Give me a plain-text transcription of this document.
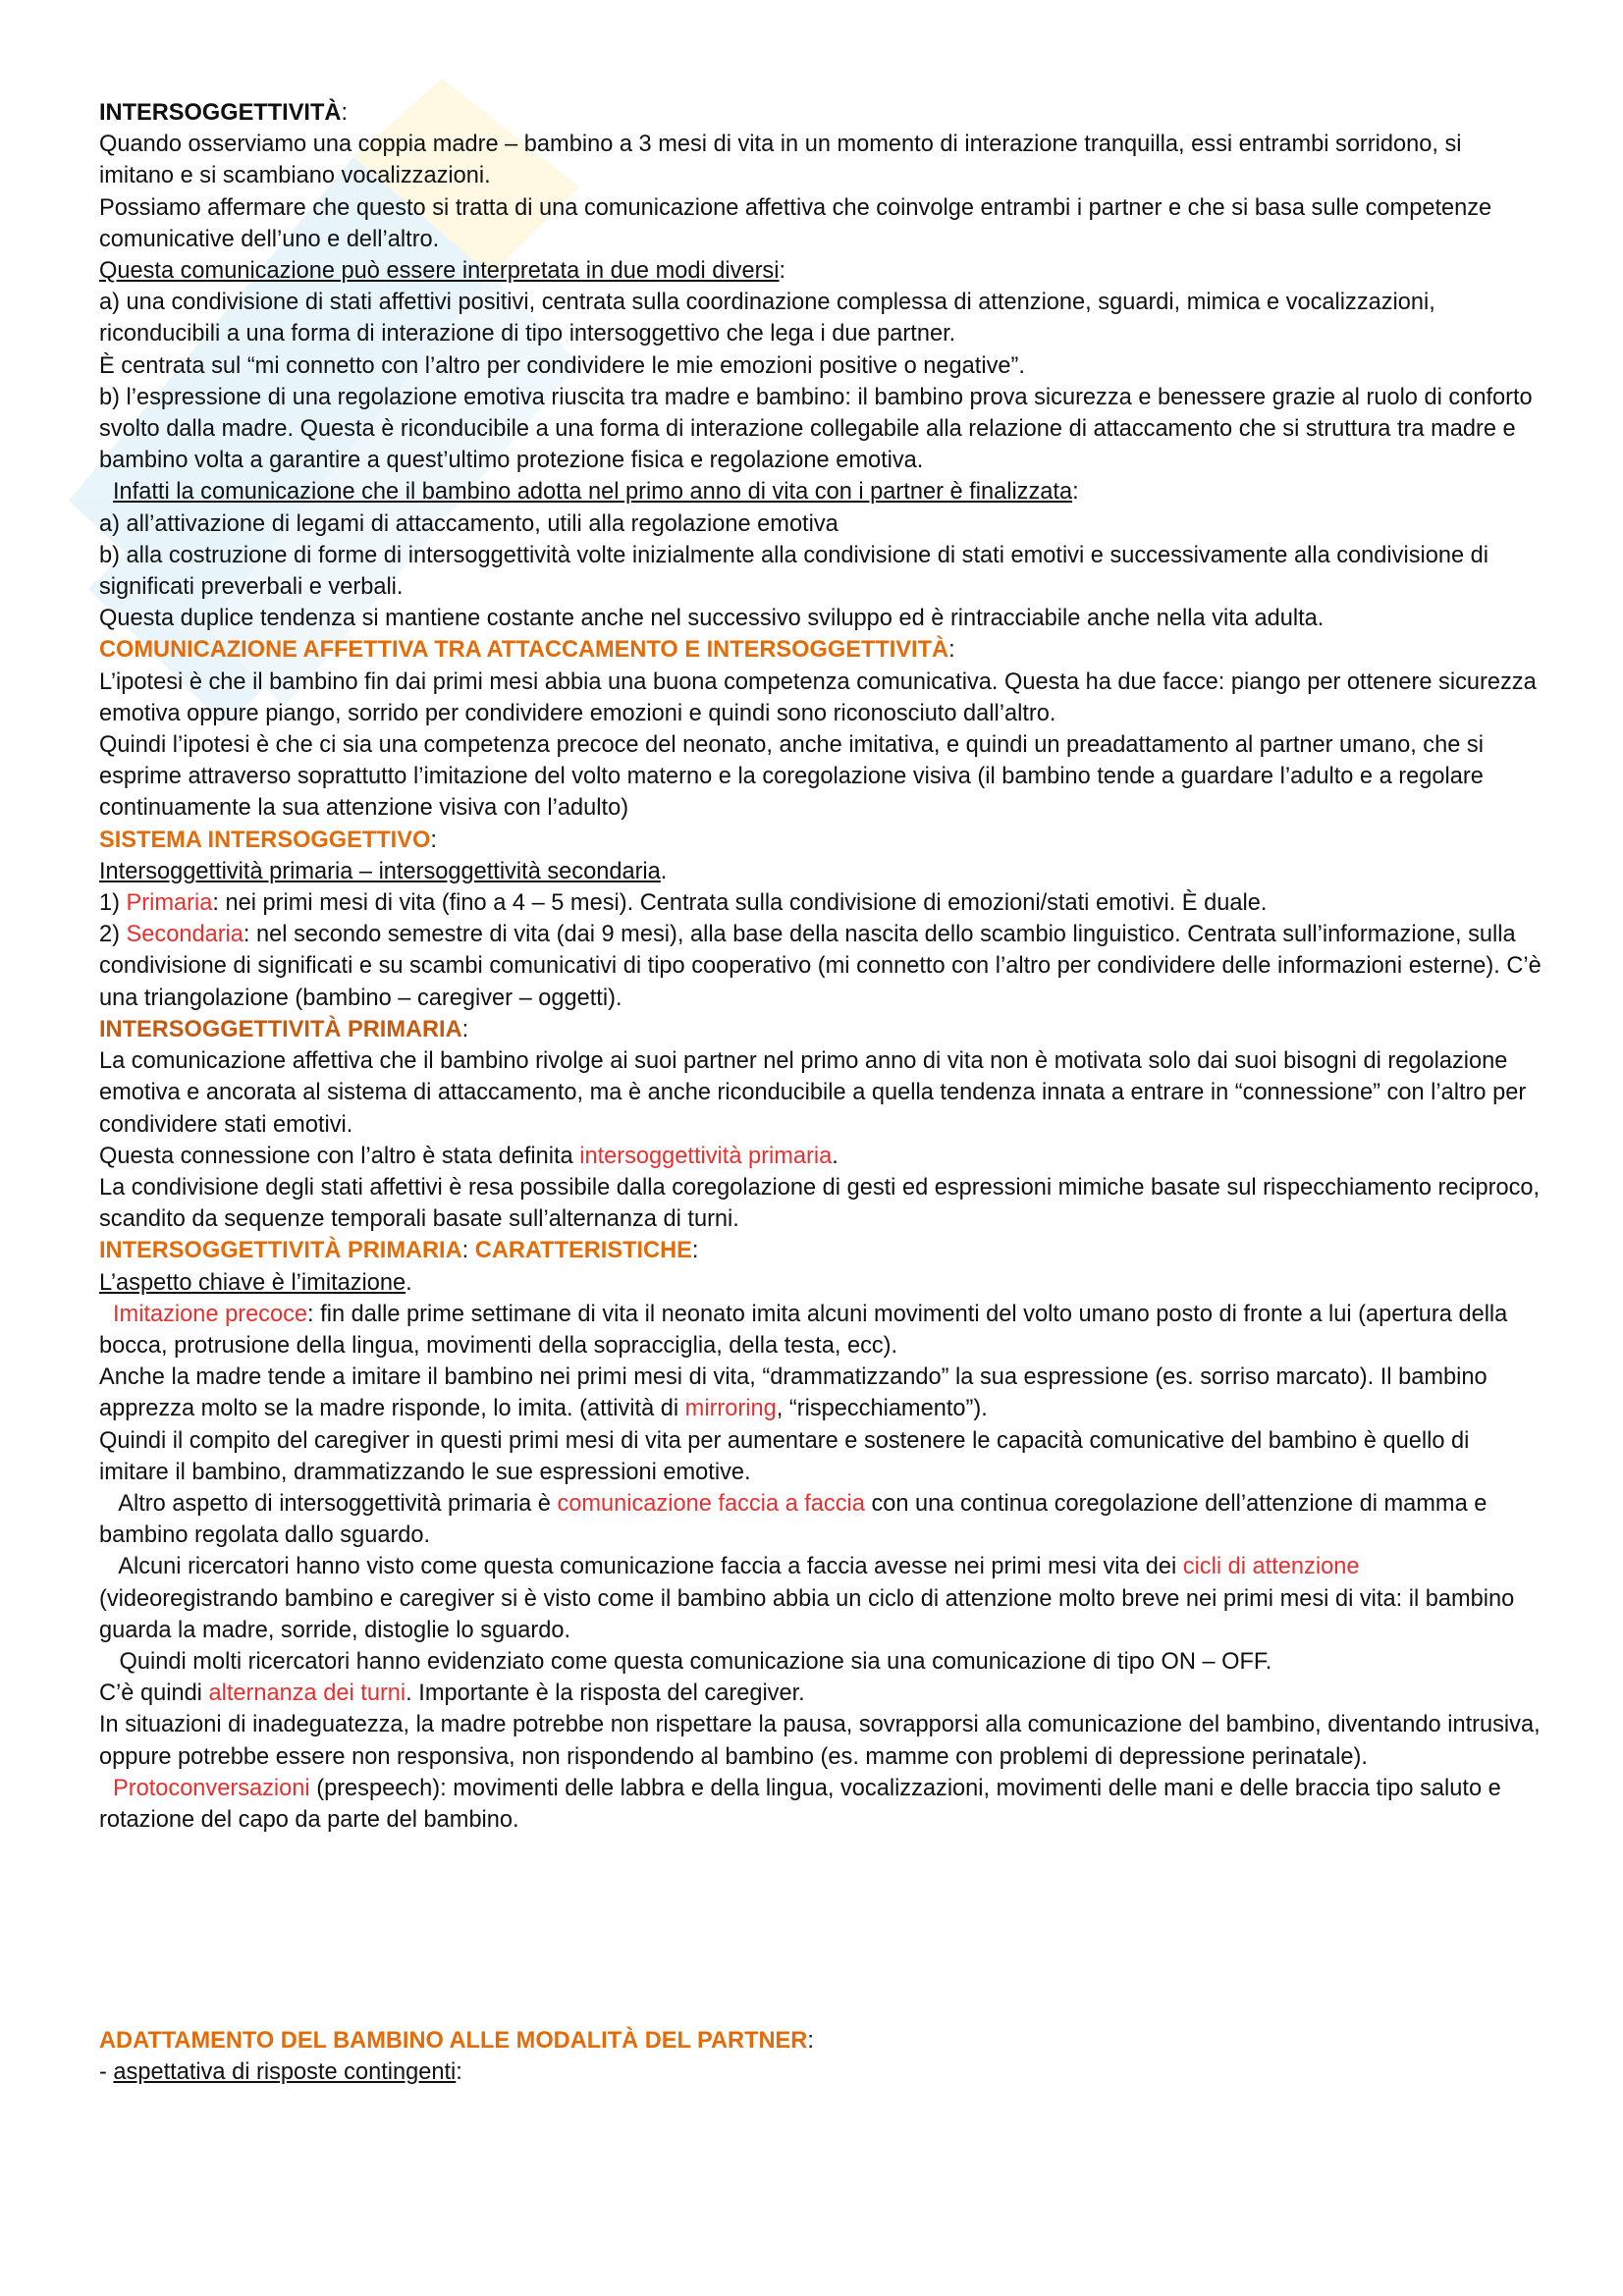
INTERSOGGETTIVITÀ:

Quando osserviamo una coppia madre – bambino a 3 mesi di vita in un momento di interazione tranquilla, essi entrambi sorridono, si imitano e si scambiano vocalizzazioni.

Possiamo affermare che questo si tratta di una comunicazione affettiva che coinvolge entrambi i partner e che si basa sulle competenze comunicative dell’uno e dell’altro.

Questa comunicazione può essere interpretata in due modi diversi:

a) una condivisione di stati affettivi positivi, centrata sulla coordinazione complessa di attenzione, sguardi, mimica e vocalizzazioni, riconducibili a una forma di interazione di tipo intersoggettivo che lega i due partner.

È centrata sul “mi connetto con l’altro per condividere le mie emozioni positive o negative”.

b) l’espressione di una regolazione emotiva riuscita tra madre e bambino: il bambino prova sicurezza e benessere grazie al ruolo di conforto svolto dalla madre. Questa è riconducibile a una forma di interazione collegabile alla relazione di attaccamento che si struttura tra madre e bambino volta a garantire a quest’ultimo protezione fisica e regolazione emotiva.

Infatti la comunicazione che il bambino adotta nel primo anno di vita con i partner è finalizzata:

a) all’attivazione di legami di attaccamento, utili alla regolazione emotiva

b) alla costruzione di forme di intersoggettività volte inizialmente alla condivisione di stati emotivi e successivamente alla condivisione di significati preverbali e verbali.

Questa duplice tendenza si mantiene costante anche nel successivo sviluppo ed è rintracciabile anche nella vita adulta.

COMUNICAZIONE AFFETTIVA TRA ATTACCAMENTO E INTERSOGGETTIVITÀ:

L’ipotesi è che il bambino fin dai primi mesi abbia una buona competenza comunicativa. Questa ha due facce: piango per ottenere sicurezza emotiva oppure piango, sorrido per condividere emozioni e quindi sono riconosciuto dall’altro.

Quindi l’ipotesi è che ci sia una competenza precoce del neonato, anche imitativa, e quindi un preadattamento al partner umano, che si esprime attraverso soprattutto l’imitazione del volto materno e la coregolazione visiva (il bambino tende a guardare l’adulto e a regolare continuamente la sua attenzione visiva con l’adulto)

SISTEMA INTERSOGGETTIVO:

Intersoggettività primaria – intersoggettività secondaria.

1) Primaria: nei primi mesi di vita (fino a 4 – 5 mesi). Centrata sulla condivisione di emozioni/stati emotivi. È duale.

2) Secondaria: nel secondo semestre di vita (dai 9 mesi), alla base della nascita dello scambio linguistico. Centrata sull’informazione, sulla condivisione di significati e su scambi comunicativi di tipo cooperativo (mi connetto con l’altro per condividere delle informazioni esterne). C’è una triangolazione (bambino – caregiver – oggetti).

INTERSOGGETTIVITÀ PRIMARIA:

La comunicazione affettiva che il bambino rivolge ai suoi partner nel primo anno di vita non è motivata solo dai suoi bisogni di regolazione emotiva e ancorata al sistema di attaccamento, ma è anche riconducibile a quella tendenza innata a entrare in “connessione” con l’altro per condividere stati emotivi.

Questa connessione con l’altro è stata definita intersoggettività primaria.

La condivisione degli stati affettivi è resa possibile dalla coregolazione di gesti ed espressioni mimiche basate sul rispecchiamento reciproco, scandito da sequenze temporali basate sull’alternanza di turni.

INTERSOGGETTIVITÀ PRIMARIA: CARATTERISTICHE:

L’aspetto chiave è l’imitazione.

Imitazione precoce: fin dalle prime settimane di vita il neonato imita alcuni movimenti del volto umano posto di fronte a lui (apertura della bocca, protrusione della lingua, movimenti della sopracciglia, della testa, ecc).

Anche la madre tende a imitare il bambino nei primi mesi di vita, “drammatizzando” la sua espressione (es. sorriso marcato). Il bambino apprezza molto se la madre risponde, lo imita. (attività di mirroring, “rispecchiamento”).

Quindi il compito del caregiver in questi primi mesi di vita per aumentare e sostenere le capacità comunicative del bambino è quello di imitare il bambino, drammatizzando le sue espressioni emotive.

Altro aspetto di intersoggettività primaria è comunicazione faccia a faccia con una continua coregolazione dell’attenzione di mamma e bambino regolata dallo sguardo.

Alcuni ricercatori hanno visto come questa comunicazione faccia a faccia avesse nei primi mesi vita dei cicli di attenzione (videoregistrando bambino e caregiver si è visto come il bambino abbia un ciclo di attenzione molto breve nei primi mesi di vita: il bambino guarda la madre, sorride, distoglie lo sguardo.

Quindi molti ricercatori hanno evidenziato come questa comunicazione sia una comunicazione di tipo ON – OFF.

C’è quindi alternanza dei turni. Importante è la risposta del caregiver.

In situazioni di inadeguatezza, la madre potrebbe non rispettare la pausa, sovrapporsi alla comunicazione del bambino, diventando intrusiva, oppure potrebbe essere non responsiva, non rispondendo al bambino (es. mamme con problemi di depressione perinatale).

Protoconversazioni (prespeech): movimenti delle labbra e della lingua, vocalizzazioni, movimenti delle mani e delle braccia tipo saluto e rotazione del capo da parte del bambino.

ADATTAMENTO DEL BAMBINO ALLE MODALITÀ DEL PARTNER:

- aspettativa di risposte contingenti:
